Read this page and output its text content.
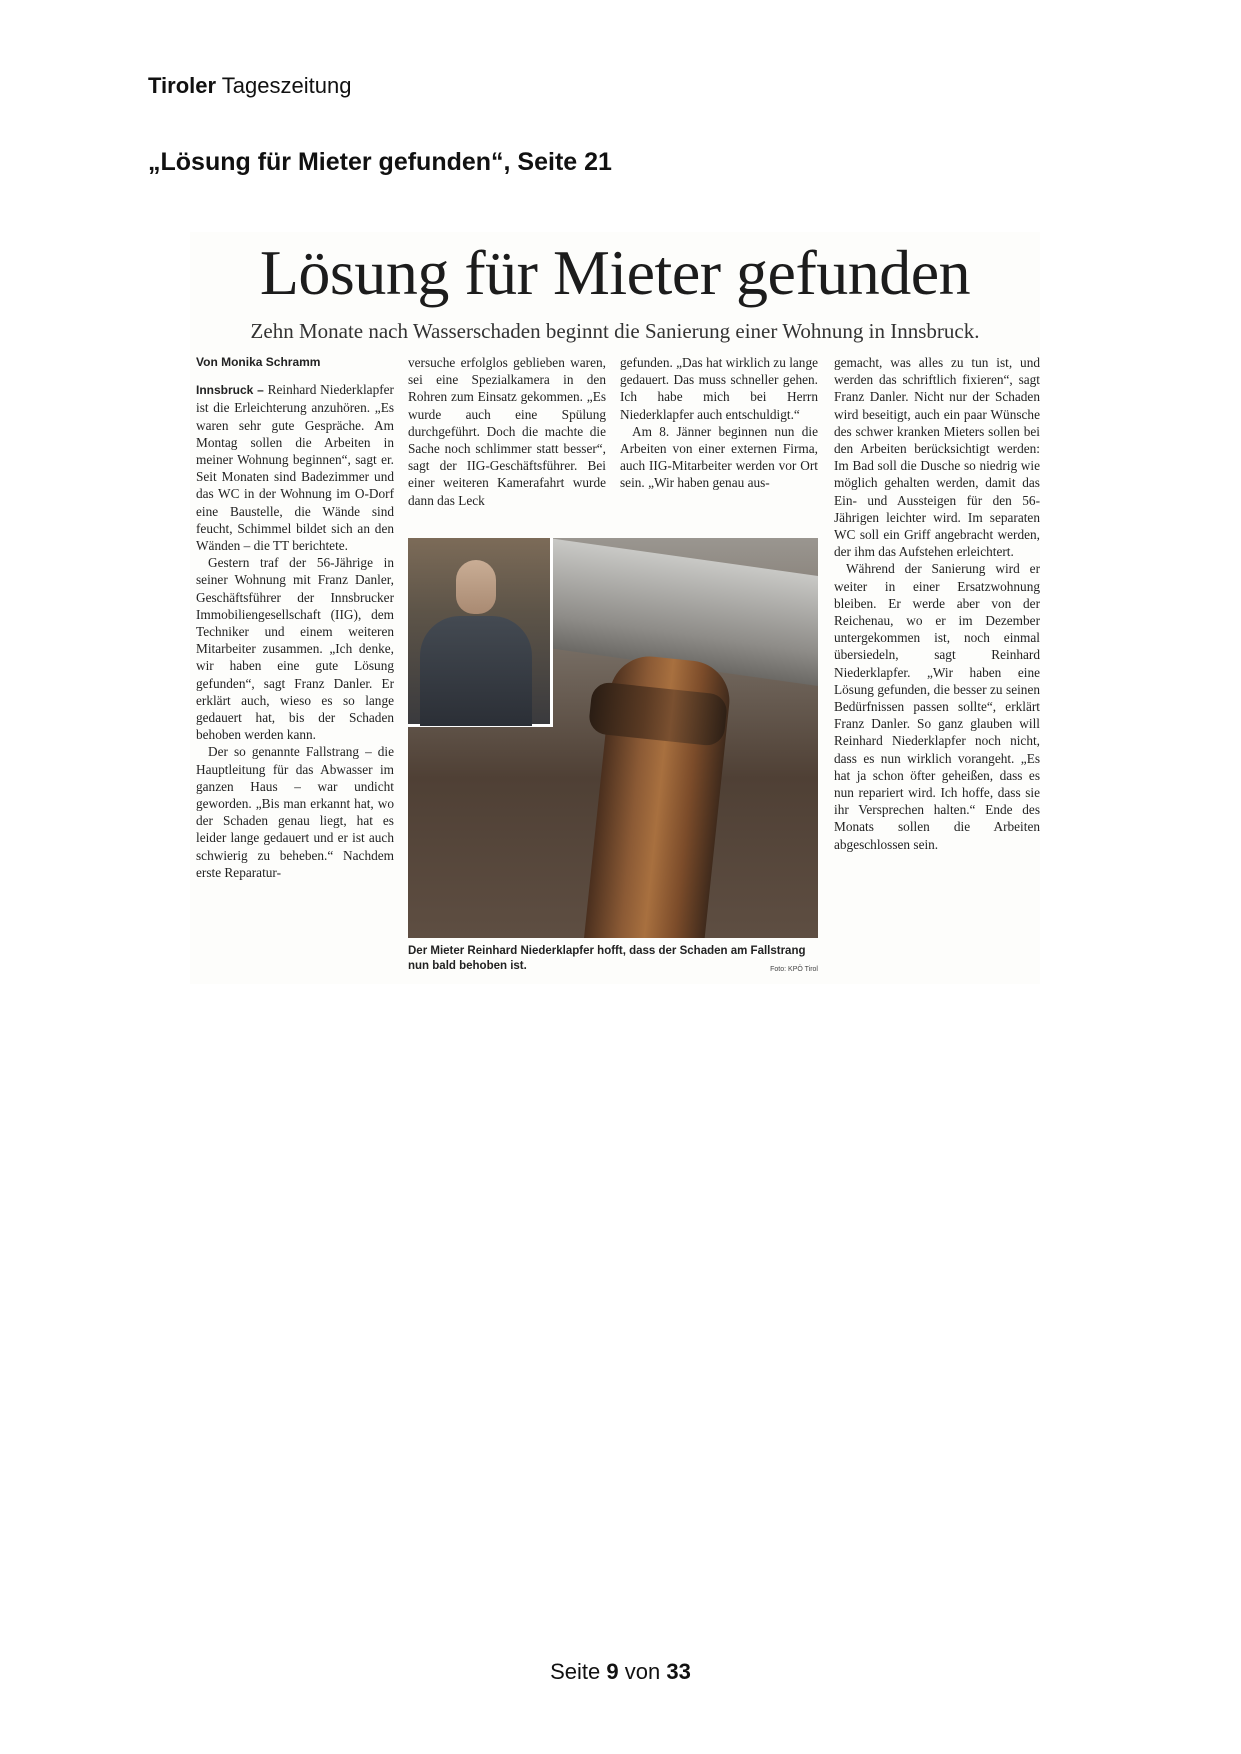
Tiroler Tageszeitung
„Lösung für Mieter gefunden“, Seite 21
Lösung für Mieter gefunden
Zehn Monate nach Wasserschaden beginnt die Sanierung einer Wohnung in Innsbruck.
Von Monika Schramm

Innsbruck – Reinhard Niederklapfer ist die Erleichterung anzuhören. „Es waren sehr gute Gespräche. Am Montag sollen die Arbeiten in meiner Wohnung beginnen“, sagt er. Seit Monaten sind Badezimmer und das WC in der Wohnung im O-Dorf eine Baustelle, die Wände sind feucht, Schimmel bildet sich an den Wänden – die TT berichtete.

Gestern traf der 56-Jährige in seiner Wohnung mit Franz Danler, Geschäftsführer der Innsbrucker Immobiliengesellschaft (IIG), dem Techniker und einem weiteren Mitarbeiter zusammen. „Ich denke, wir haben eine gute Lösung gefunden“, sagt Franz Danler. Er erklärt auch, wieso es so lange gedauert hat, bis der Schaden behoben werden kann.

Der so genannte Fallstrang – die Hauptleitung für das Abwasser im ganzen Haus – war undicht geworden. „Bis man erkannt hat, wo der Schaden genau liegt, hat es leider lange gedauert und er ist auch schwierig zu beheben.“ Nachdem erste Reparatur-

versuche erfolglos geblieben waren, sei eine Spezialkamera in den Rohren zum Einsatz gekommen. „Es wurde auch eine Spülung durchgeführt. Doch die machte die Sache noch schlimmer statt besser“, sagt der IIG-Geschäftsführer. Bei einer weiteren Kamerafahrt wurde dann das Leck

gefunden. „Das hat wirklich zu lange gedauert. Das muss schneller gehen. Ich habe mich bei Herrn Niederklapfer auch entschuldigt.“

Am 8. Jänner beginnen nun die Arbeiten von einer externen Firma, auch IIG-Mitarbeiter werden vor Ort sein. „Wir haben genau aus-

gemacht, was alles zu tun ist, und werden das schriftlich fixieren“, sagt Franz Danler. Nicht nur der Schaden wird beseitigt, auch ein paar Wünsche des schwer kranken Mieters sollen bei den Arbeiten berücksichtigt werden: Im Bad soll die Dusche so niedrig wie möglich gehalten werden, damit das Ein- und Aussteigen für den 56-Jährigen leichter wird. Im separaten WC soll ein Griff angebracht werden, der ihm das Aufstehen erleichtert.

Während der Sanierung wird er weiter in einer Ersatzwohnung bleiben. Er werde aber von der Reichenau, wo er im Dezember untergekommen ist, noch einmal übersiedeln, sagt Reinhard Niederklapfer. „Wir haben eine Lösung gefunden, die besser zu seinen Bedürfnissen passen sollte“, erklärt Franz Danler. So ganz glauben will Reinhard Niederklapfer noch nicht, dass es nun wirklich vorangeht. „Es hat ja schon öfter geheißen, dass es nun repariert wird. Ich hoffe, dass sie ihr Versprechen halten.“ Ende des Monats sollen die Arbeiten abgeschlossen sein.

Der Mieter Reinhard Niederklapfer hofft, dass der Schaden am Fallstrang nun bald behoben ist.	Foto: KPÖ Tirol
Seite 9 von 33
